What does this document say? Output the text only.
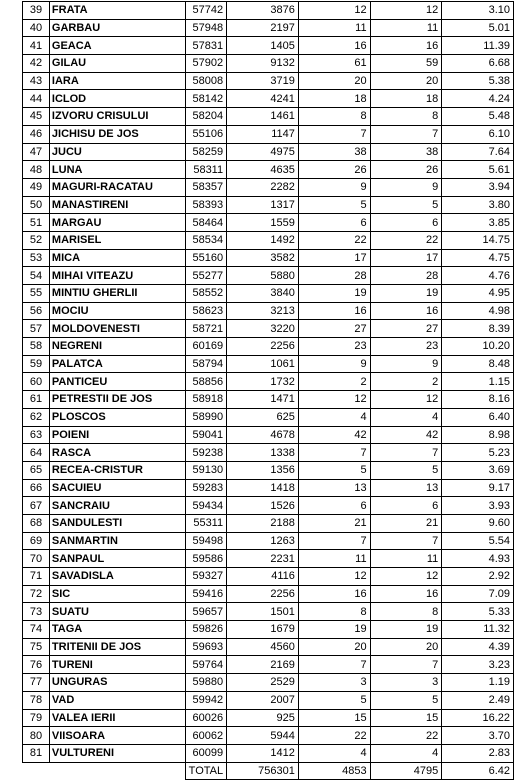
39	FRATA	57742	3876	12	12	3.10
40	GARBAU	57948	2197	11	11	5.01
41	GEACA	57831	1405	16	16	11.39
42	GILAU	57902	9132	61	59	6.68
43	IARA	58008	3719	20	20	5.38
44	ICLOD	58142	4241	18	18	4.24
45	IZVORU CRISULUI	58204	1461	8	8	5.48
46	JICHISU DE JOS	55106	1147	7	7	6.10
47	JUCU	58259	4975	38	38	7.64
48	LUNA	58311	4635	26	26	5.61
49	MAGURI-RACATAU	58357	2282	9	9	3.94
50	MANASTIRENI	58393	1317	5	5	3.80
51	MARGAU	58464	1559	6	6	3.85
52	MARISEL	58534	1492	22	22	14.75
53	MICA	55160	3582	17	17	4.75
54	MIHAI VITEAZU	55277	5880	28	28	4.76
55	MINTIU GHERLII	58552	3840	19	19	4.95
56	MOCIU	58623	3213	16	16	4.98
57	MOLDOVENESTI	58721	3220	27	27	8.39
58	NEGRENI	60169	2256	23	23	10.20
59	PALATCA	58794	1061	9	9	8.48
60	PANTICEU	58856	1732	2	2	1.15
61	PETRESTII DE JOS	58918	1471	12	12	8.16
62	PLOSCOS	58990	625	4	4	6.40
63	POIENI	59041	4678	42	42	8.98
64	RASCA	59238	1338	7	7	5.23
65	RECEA-CRISTUR	59130	1356	5	5	3.69
66	SACUIEU	59283	1418	13	13	9.17
67	SANCRAIU	59434	1526	6	6	3.93
68	SANDULESTI	55311	2188	21	21	9.60
69	SANMARTIN	59498	1263	7	7	5.54
70	SANPAUL	59586	2231	11	11	4.93
71	SAVADISLA	59327	4116	12	12	2.92
72	SIC	59416	2256	16	16	7.09
73	SUATU	59657	1501	8	8	5.33
74	TAGA	59826	1679	19	19	11.32
75	TRITENII DE JOS	59693	4560	20	20	4.39
76	TURENI	59764	2169	7	7	3.23
77	UNGURAS	59880	2529	3	3	1.19
78	VAD	59942	2007	5	5	2.49
79	VALEA IERII	60026	925	15	15	16.22
80	VIISOARA	60062	5944	22	22	3.70
81	VULTURENI	60099	1412	4	4	2.83
		TOTAL	756301	4853	4795	6.42
